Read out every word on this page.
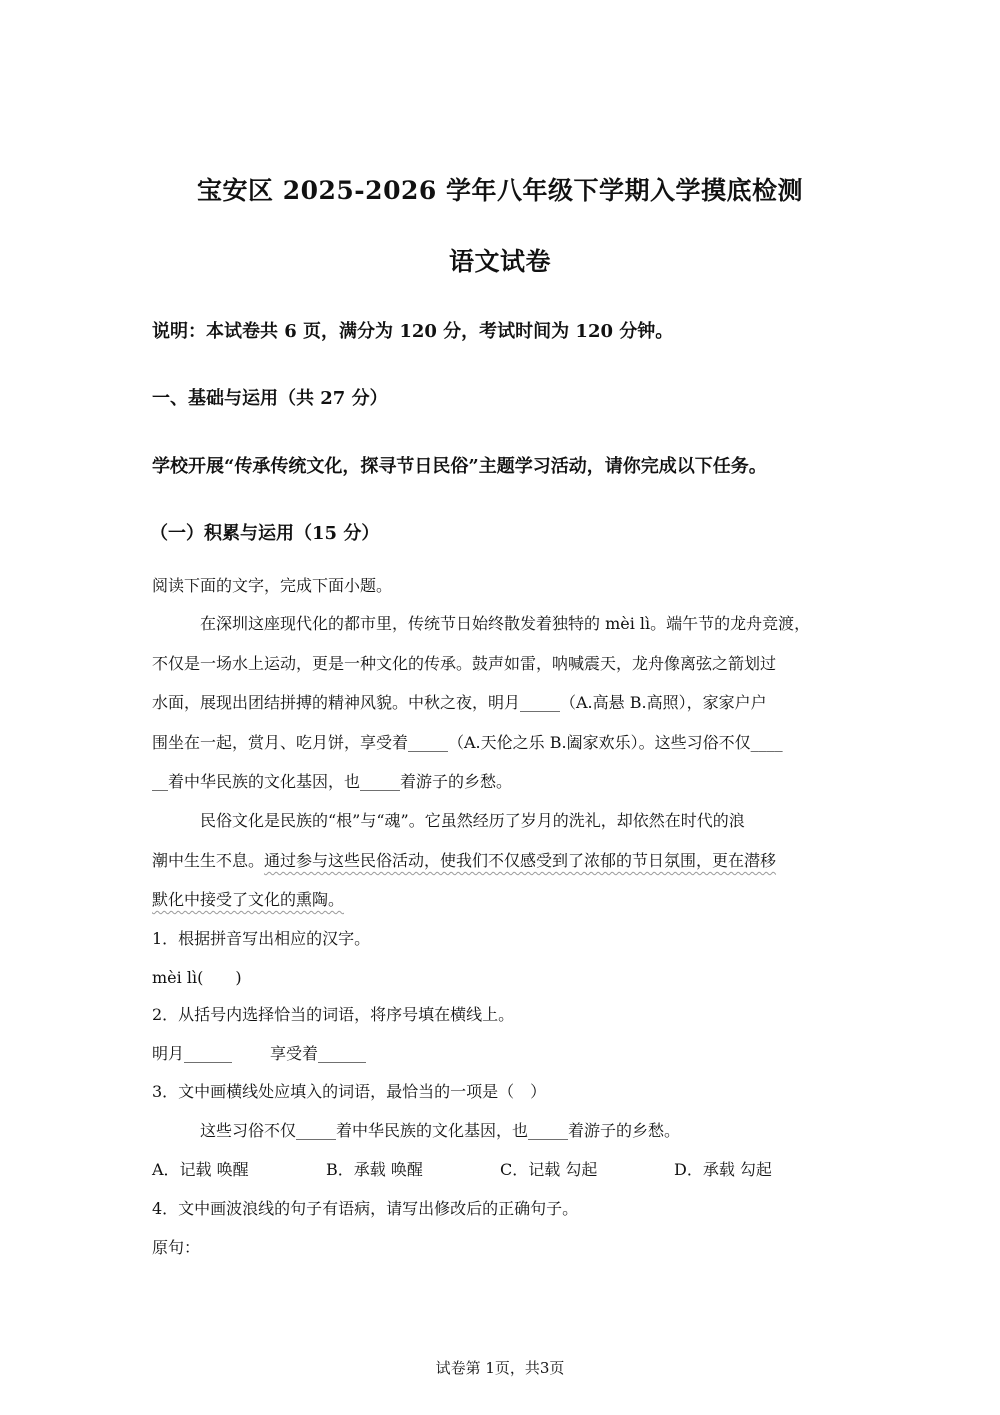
宝安区 2025-2026 学年八年级下学期入学摸底检测
语文试卷
说明：本试卷共 6 页，满分为 120 分，考试时间为 120 分钟。
一、基础与运用（共 27 分）
学校开展“传承传统文化，探寻节日民俗”主题学习活动，请你完成以下任务。
（一）积累与运用（15 分）
阅读下面的文字，完成下面小题。
在深圳这座现代化的都市里，传统节日始终散发着独特的 mèi lì。端午节的龙舟竞渡，
不仅是一场水上运动，更是一种文化的传承。鼓声如雷，呐喊震天，龙舟像离弦之箭划过
水面，展现出团结拼搏的精神风貌。中秋之夜，明月_____（A.高悬 B.高照），家家户户
围坐在一起，赏月、吃月饼，享受着_____（A.天伦之乐 B.阖家欢乐）。这些习俗不仅____
__着中华民族的文化基因，也_____着游子的乡愁。
民俗文化是民族的“根”与“魂”。它虽然经历了岁月的洗礼，却依然在时代的浪
潮中生生不息。通过参与这些民俗活动，使我们不仅感受到了浓郁的节日氛围，更在潜移
默化中接受了文化的熏陶。
1．根据拼音写出相应的汉字。
mèi lì(　　)
2．从括号内选择恰当的词语，将序号填在横线上。
明月______ 享受着______
3．文中画横线处应填入的词语，最恰当的一项是（　）
这些习俗不仅_____着中华民族的文化基因，也_____着游子的乡愁。
A．记载 唤醒	B．承载 唤醒	C．记载 勾起	D．承载 勾起
4．文中画波浪线的句子有语病，请写出修改后的正确句子。
原句：
试卷第 1页，共3页
